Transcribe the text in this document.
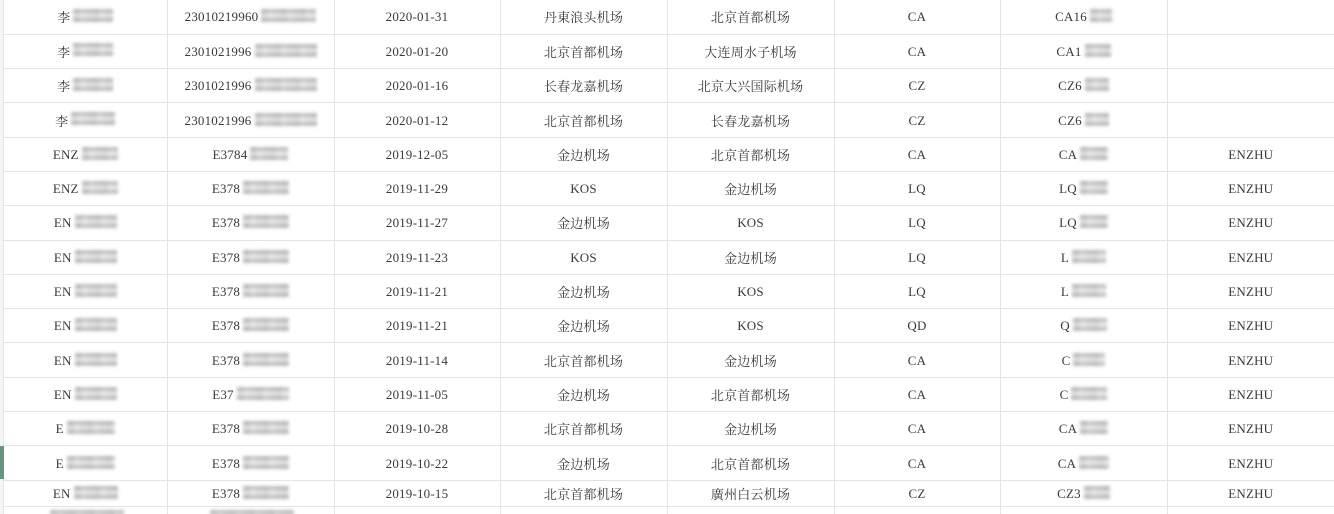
李	23010219960	2020-01-31	丹東浪头机场	北京首都机场	CA	CA16	
李	2301021996	2020-01-20	北京首都机场	大连周水子机场	CA	CA1	
李	2301021996	2020-01-16	长春龙嘉机场	北京大兴国际机场	CZ	CZ6	
李	2301021996	2020-01-12	北京首都机场	长春龙嘉机场	CZ	CZ6	
ENZ	E3784	2019-12-05	金边机场	北京首都机场	CA	CA	ENZHU
ENZ	E378	2019-11-29	KOS	金边机场	LQ	LQ	ENZHU
EN	E378	2019-11-27	金边机场	KOS	LQ	LQ	ENZHU
EN	E378	2019-11-23	KOS	金边机场	LQ	L	ENZHU
EN	E378	2019-11-21	金边机场	KOS	LQ	L	ENZHU
EN	E378	2019-11-21	金边机场	KOS	QD	Q	ENZHU
EN	E378	2019-11-14	北京首都机场	金边机场	CA	C	ENZHU
EN	E37	2019-11-05	金边机场	北京首都机场	CA	C	ENZHU
E	E378	2019-10-28	北京首都机场	金边机场	CA	CA	ENZHU
E	E378	2019-10-22	金边机场	北京首都机场	CA	CA	ENZHU
EN	E378	2019-10-15	北京首都机场	廣州白云机场	CZ	CZ3	ENZHU
